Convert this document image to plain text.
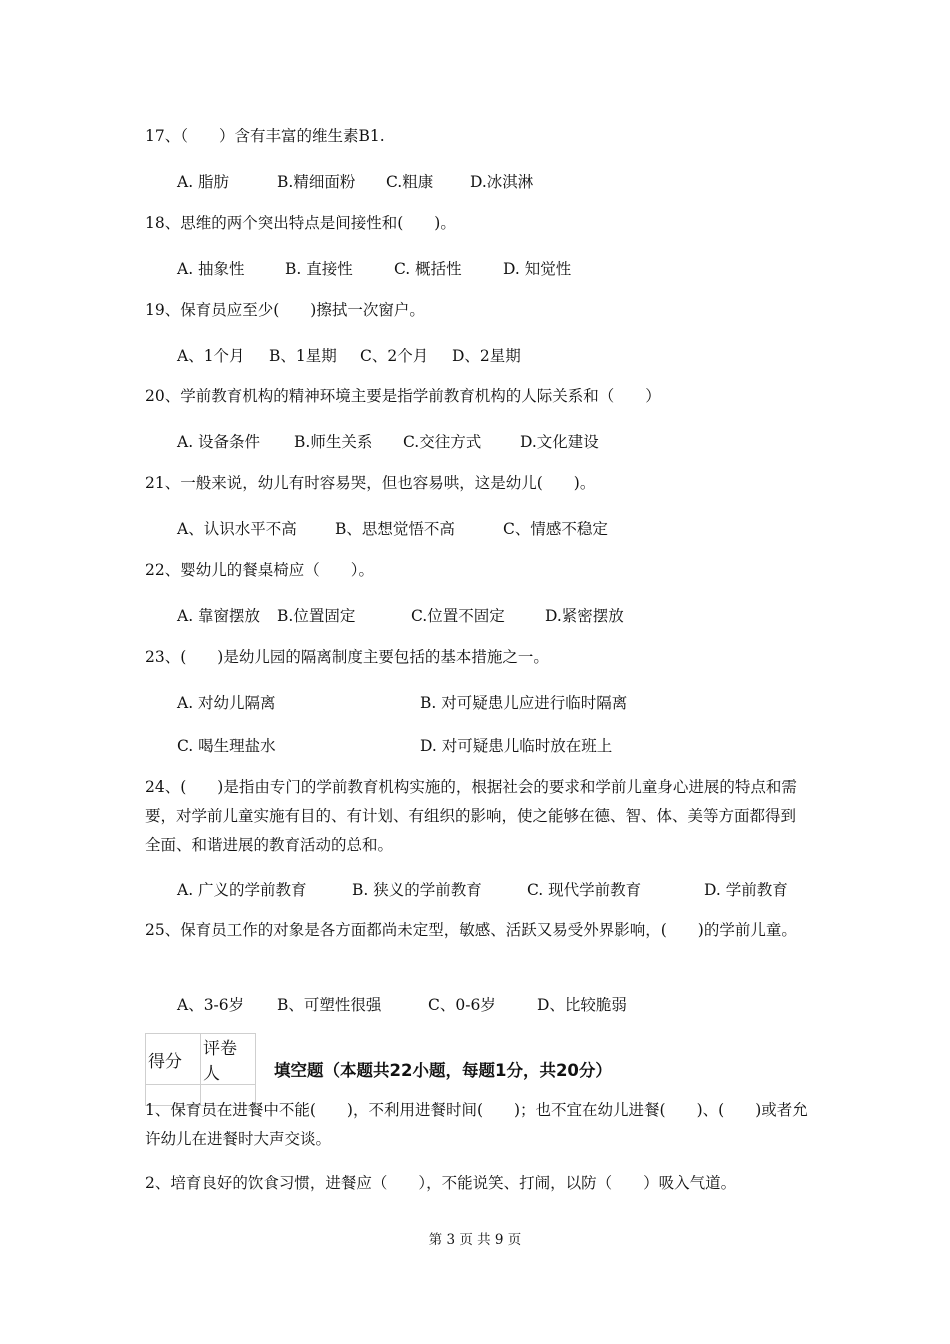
17、（　　）含有丰富的维生素B1.
A. 脂肪	B.精细面粉 C.粗康 D.冰淇淋
18、思维的两个突出特点是间接性和(　　)。
A. 抽象性	B. 直接性	C. 概括性	D. 知觉性
19、保育员应至少(　　)擦拭一次窗户。
A、1个月 B、1星期 C、2个月 D、2星期
20、学前教育机构的精神环境主要是指学前教育机构的人际关系和（　　）
A. 设备条件 B.师生关系 C.交往方式	D.文化建设
21、一般来说，幼儿有时容易哭，但也容易哄，这是幼儿(　　)。
A、认识水平不高 B、思想觉悟不高	C、情感不稳定
22、婴幼儿的餐桌椅应（　　）。
A. 靠窗摆放 B.位置固定	C.位置不固定	D.紧密摆放
23、(　　)是幼儿园的隔离制度主要包括的基本措施之一。
A. 对幼儿隔离	B. 对可疑患儿应进行临时隔离
C. 喝生理盐水	D. 对可疑患儿临时放在班上
24、(　　)是指由专门的学前教育机构实施的，根据社会的要求和学前儿童身心进展的特点和需要，对学前儿童实施有目的、有计划、有组织的影响，使之能够在德、智、体、美等方面都得到全面、和谐进展的教育活动的总和。
A. 广义的学前教育	B. 狭义的学前教育	C. 现代学前教育	D. 学前教育
25、保育员工作的对象是各方面都尚未定型，敏感、活跃又易受外界影响，(　　)的学前儿童。
A、3-6岁 B、可塑性很强	C、0-6岁	D、比较脆弱
得分	评卷人
		填空题（本题共22小题，每题1分，共20分）
1、保育员在进餐中不能(　　)，不利用进餐时间(　　)；也不宜在幼儿进餐(　　)、(　　)或者允许幼儿在进餐时大声交谈。
2、培育良好的饮食习惯，进餐应（　　），不能说笑、打闹，以防（　　）吸入气道。
第 3 页 共 9 页
